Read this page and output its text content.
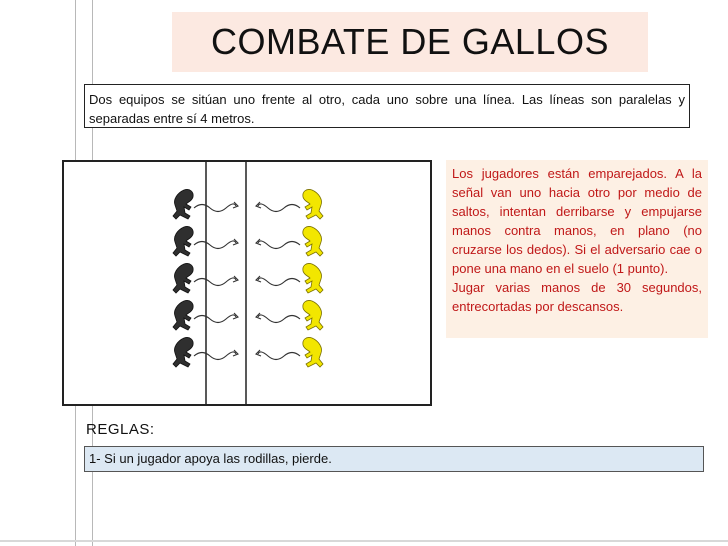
COMBATE DE GALLOS
Dos equipos se sitúan uno frente al otro, cada uno sobre una línea. Las líneas son paralelas y separadas entre sí 4 metros.

Los jugadores están emparejados. A la señal van uno hacia otro por medio de saltos, intentan derribarse y empujarse manos contra manos, en plano (no cruzarse los dedos). Si el adversario cae o pone una mano en el suelo (1 punto).

Jugar varias manos de 30 segundos, entrecortadas por descansos.

REGLAS:
1- Si un jugador apoya las rodillas, pierde.
